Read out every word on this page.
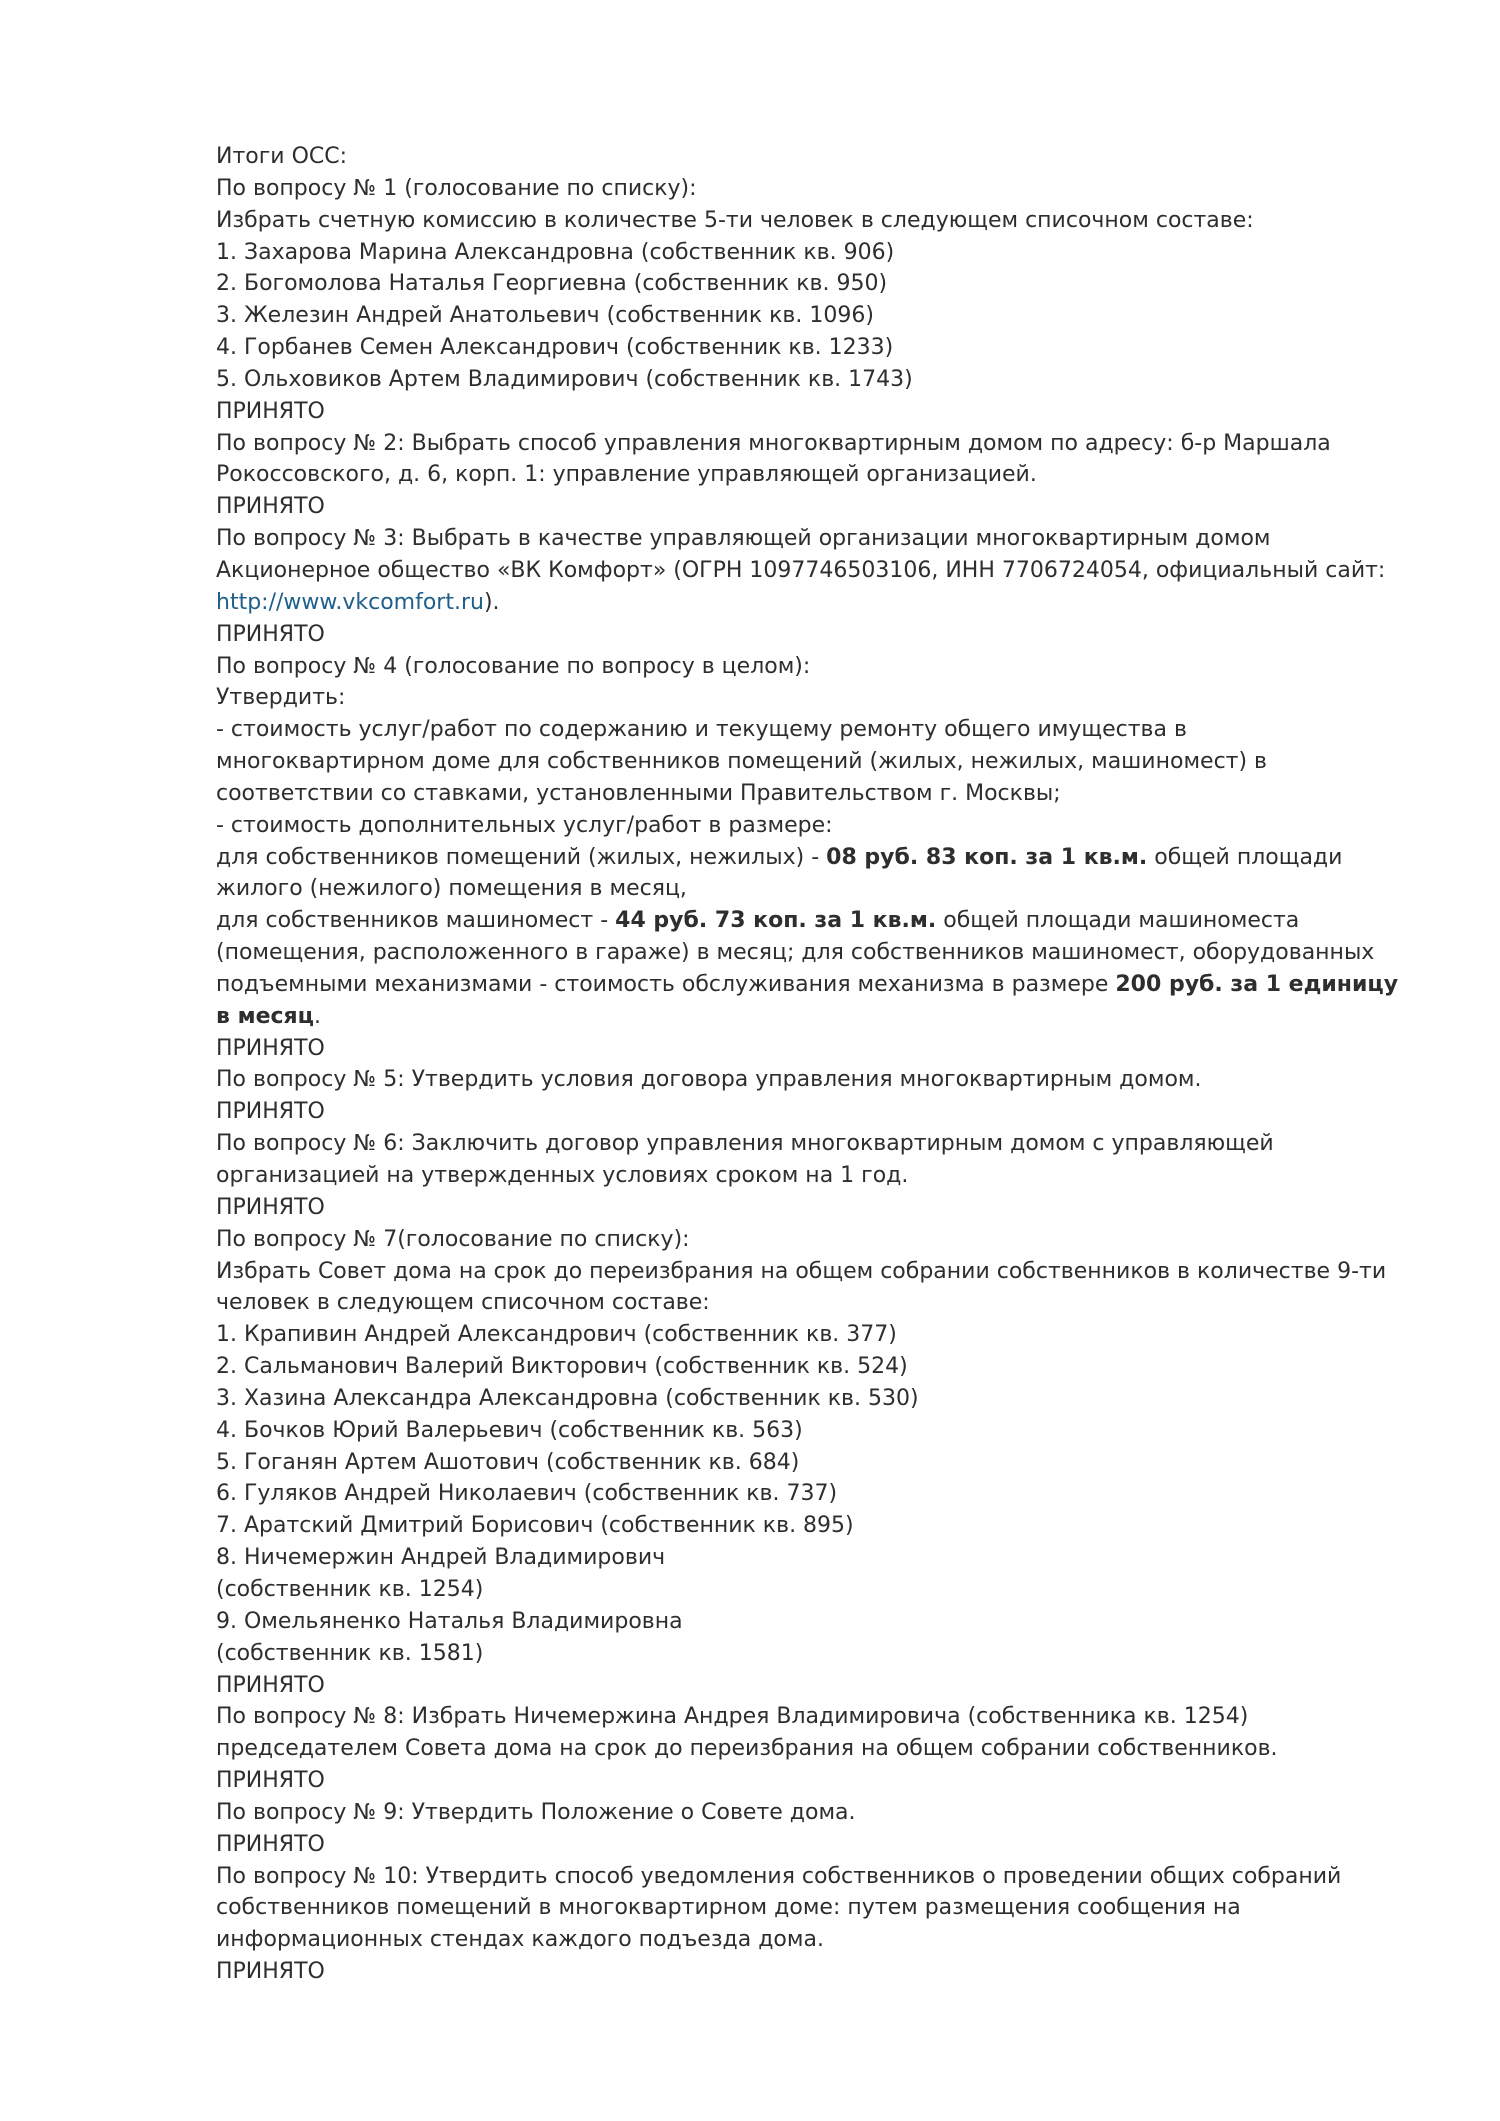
Итоги ОСС:
По вопросу № 1 (голосование по списку):
Избрать счетную комиссию в количестве 5-ти человек в следующем списочном составе:
1. Захарова Марина Александровна (собственник кв. 906)
2. Богомолова Наталья Георгиевна (собственник кв. 950)
3. Железин Андрей Анатольевич (собственник кв. 1096)
4. Горбанев Семен Александрович (собственник кв. 1233)
5. Ольховиков Артем Владимирович (собственник кв. 1743)
ПРИНЯТО
По вопросу № 2: Выбрать способ управления многоквартирным домом по адресу: б-р Маршала
Рокоссовского, д. 6, корп. 1: управление управляющей организацией.
ПРИНЯТО
По вопросу № 3: Выбрать в качестве управляющей организации многоквартирным домом
Акционерное общество «ВК Комфорт» (ОГРН 1097746503106, ИНН 7706724054, официальный сайт:
http://www.vkcomfort.ru).
ПРИНЯТО
По вопросу № 4 (голосование по вопросу в целом):
Утвердить:
- стоимость услуг/работ по содержанию и текущему ремонту общего имущества в
многоквартирном доме для собственников помещений (жилых, нежилых, машиномест) в
соответствии со ставками, установленными Правительством г. Москвы;
- стоимость дополнительных услуг/работ в размере:
для собственников помещений (жилых, нежилых) - 08 руб. 83 коп. за 1 кв.м. общей площади
жилого (нежилого) помещения в месяц,
для собственников машиномест - 44 руб. 73 коп. за 1 кв.м. общей площади машиноместа
(помещения, расположенного в гараже) в месяц; для собственников машиномест, оборудованных
подъемными механизмами - стоимость обслуживания механизма в размере 200 руб. за 1 единицу
в месяц.
ПРИНЯТО
По вопросу № 5: Утвердить условия договора управления многоквартирным домом.
ПРИНЯТО
По вопросу № 6: Заключить договор управления многоквартирным домом с управляющей
организацией на утвержденных условиях сроком на 1 год.
ПРИНЯТО
По вопросу № 7(голосование по списку):
Избрать Совет дома на срок до переизбрания на общем собрании собственников в количестве 9-ти
человек в следующем списочном составе:
1. Крапивин Андрей Александрович (собственник кв. 377)
2. Сальманович Валерий Викторович (собственник кв. 524)
3. Хазина Александра Александровна (собственник кв. 530)
4. Бочков Юрий Валерьевич (собственник кв. 563)
5. Гоганян Артем Ашотович (собственник кв. 684)
6. Гуляков Андрей Николаевич (собственник кв. 737)
7. Аратский Дмитрий Борисович (собственник кв. 895)
8. Ничемержин Андрей Владимирович
(собственник кв. 1254)
9. Омельяненко Наталья Владимировна
(собственник кв. 1581)
ПРИНЯТО
По вопросу № 8: Избрать Ничемержина Андрея Владимировича (собственника кв. 1254)
председателем Совета дома на срок до переизбрания на общем собрании собственников.
ПРИНЯТО
По вопросу № 9: Утвердить Положение о Совете дома.
ПРИНЯТО
По вопросу № 10: Утвердить способ уведомления собственников о проведении общих собраний
собственников помещений в многоквартирном доме: путем размещения сообщения на
информационных стендах каждого подъезда дома.
ПРИНЯТО
